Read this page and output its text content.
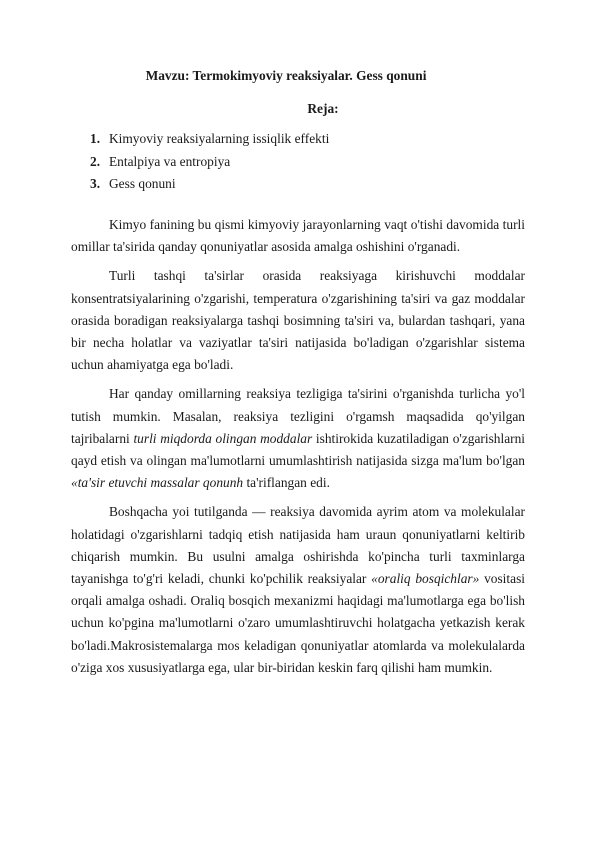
Mavzu: Termokimyoviy reaksiyalar. Gess qonuni
Reja:
1. Kimyoviy reaksiyalarning issiqlik effekti
2. Entalpiya va entropiya
3. Gess qonuni

Kimyo fanining bu qismi kimyoviy jarayonlarning vaqt o'tishi davomida turli omillar ta'sirida qanday qonuniyatlar asosida amalga oshishini o'rganadi.

Turli tashqi ta'sirlar orasida reaksiyaga kirishuvchi moddalar konsentratsiyalarining o'zgarishi, temperatura o'zgarishining ta'siri va gaz moddalar orasida boradigan reaksiyalarga tashqi bosimning ta'siri va, bulardan tashqari, yana bir necha holatlar va vaziyatlar ta'siri natijasida bo'ladigan o'zgarishlar sistema uchun ahamiyatga ega bo'ladi.

Har qanday omillarning reaksiya tezligiga ta'sirini o'rganishda turlicha yo'l tutish mumkin. Masalan, reaksiya tezligini o'rgamsh maqsadida qo'yilgan tajribalarni turli miqdorda olingan moddalar ishtirokida kuzatiladigan o'zgarishlarni qayd etish va olingan ma'lumotlarni umumlashtirish natijasida sizga ma'lum bo'lgan «ta'sir etuvchi massalar qonunh ta'riflangan edi.

Boshqacha yoi tutilganda — reaksiya davomida ayrim atom va molekulalar holatidagi o'zgarishlarni tadqiq etish natijasida ham uraun qonuniyatlarni keltirib chiqarish mumkin. Bu usulni amalga oshirishda ko'pincha turli taxminlarga tayanishga to'g'ri keladi, chunki ko'pchilik reaksiyalar «oraliq bosqichlar» vositasi orqali amalga oshadi. Oraliq bosqich mexanizmi haqidagi ma'lumotlarga ega bo'lish uchun ko'pgina ma'lumotlarni o'zaro umumlashtiruvchi holatgacha yetkazish kerak bo'ladi.Makrosistemalarga mos keladigan qonuniyatlar atomlarda va molekulalarda o'ziga xos xususiyatlarga ega, ular bir-biridan keskin farq qilishi ham mumkin.
